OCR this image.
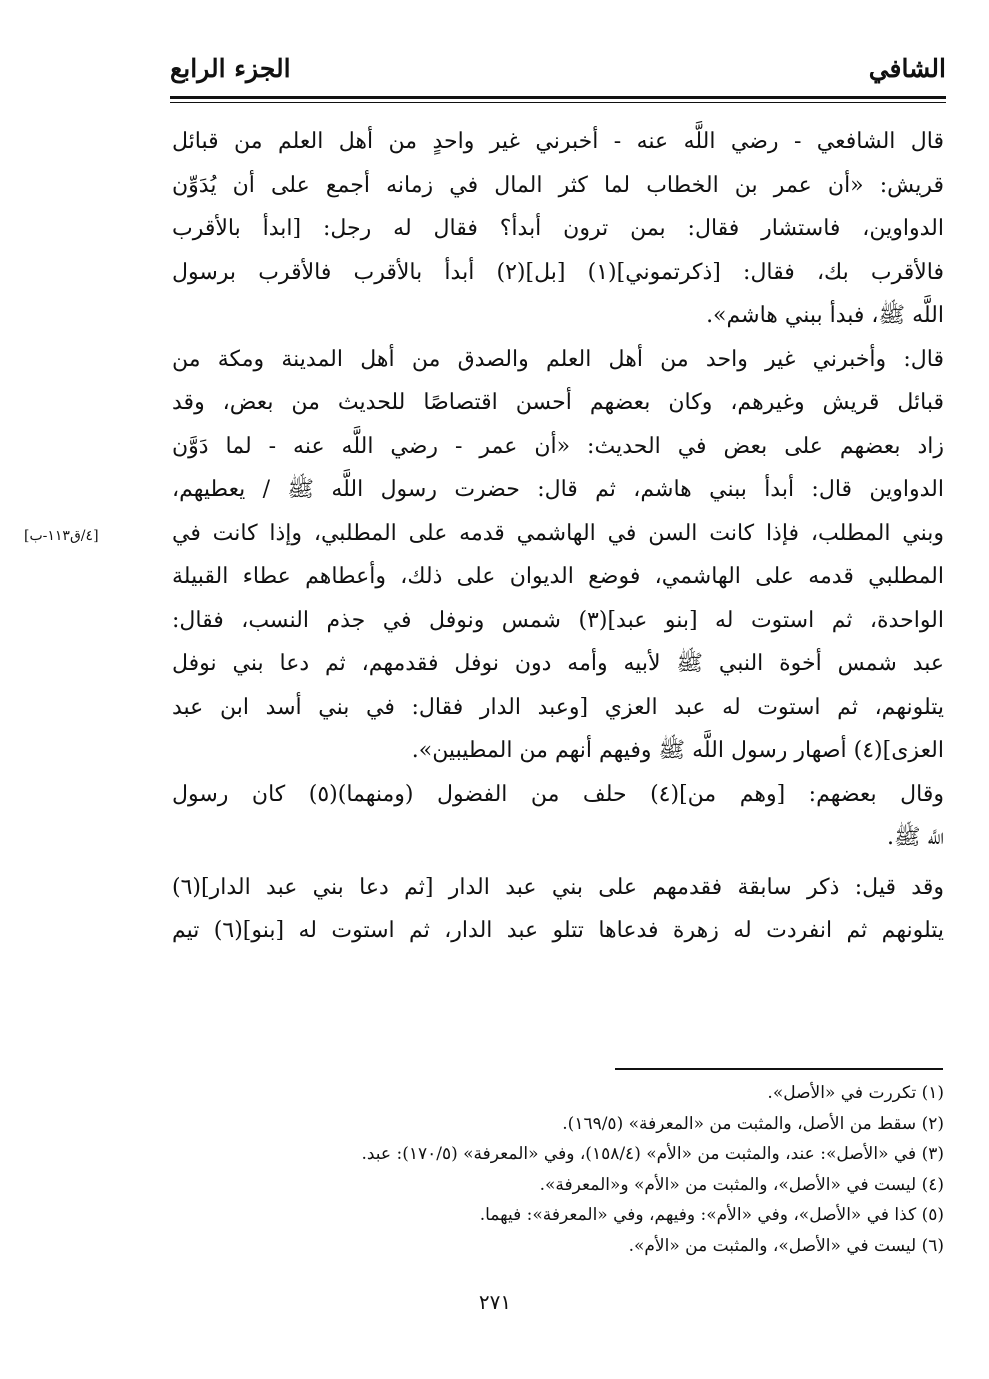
الشافي
الجزء الرابع
قال الشافعي - رضي اللَّه عنه - أخبرني غير واحدٍ من أهل العلم من قبائل
قريش: «أن عمر بن الخطاب لما كثر المال في زمانه أجمع على أن يُدَوِّن
الدواوين، فاستشار فقال: بمن ترون أبدأ؟ فقال له رجل: [ابدأ بالأقرب
فالأقرب بك، فقال: [ذكرتموني](١) [بل](٢) أبدأ بالأقرب فالأقرب برسول
اللَّه ﷺ، فبدأ ببني هاشم».
قال: وأخبرني غير واحد من أهل العلم والصدق من أهل المدينة ومكة من
قبائل قريش وغيرهم، وكان بعضهم أحسن اقتصاصًا للحديث من بعض، وقد
زاد بعضهم على بعض في الحديث: «أن عمر - رضي اللَّه عنه - لما دَوَّن
الدواوين قال: أبدأ ببني هاشم، ثم قال: حضرت رسول اللَّه ﷺ / يعطيهم،
وبني المطلب، فإذا كانت السن في الهاشمي قدمه على المطلبي، وإذا كانت في
المطلبي قدمه على الهاشمي، فوضع الديوان على ذلك، وأعطاهم عطاء القبيلة
الواحدة، ثم استوت له [بنو عبد](٣) شمس ونوفل في جذم النسب، فقال:
عبد شمس أخوة النبي ﷺ لأبيه وأمه دون نوفل فقدمهم، ثم دعا بني نوفل
يتلونهم، ثم استوت له عبد العزي [وعبد الدار فقال: في بني أسد ابن عبد
العزى](٤) أصهار رسول اللَّه ﷺ وفيهم أنهم من المطيبين».
وقال بعضهم: [وهم من](٤) حلف من الفضول (ومنهما)(٥) كان رسول
اللَّه ﷺ.
وقد قيل: ذكر سابقة فقدمهم على بني عبد الدار [ثم دعا بني عبد الدار](٦)
يتلونهم ثم انفردت له زهرة فدعاها تتلو عبد الدار، ثم استوت له [بنو](٦) تيم
[٤/ق١١٣-ب]
(١) تكررت في «الأصل».
(٢) سقط من الأصل، والمثبت من «المعرفة» (١٦٩/٥).
(٣) في «الأصل»: عند، والمثبت من «الأم» (١٥٨/٤)، وفي «المعرفة» (١٧٠/٥): عبد.
(٤) ليست في «الأصل»، والمثبت من «الأم» و«المعرفة».
(٥) كذا في «الأصل»، وفي «الأم»: وفيهم، وفي «المعرفة»: فيهما.
(٦) ليست في «الأصل»، والمثبت من «الأم».
٢٧١
